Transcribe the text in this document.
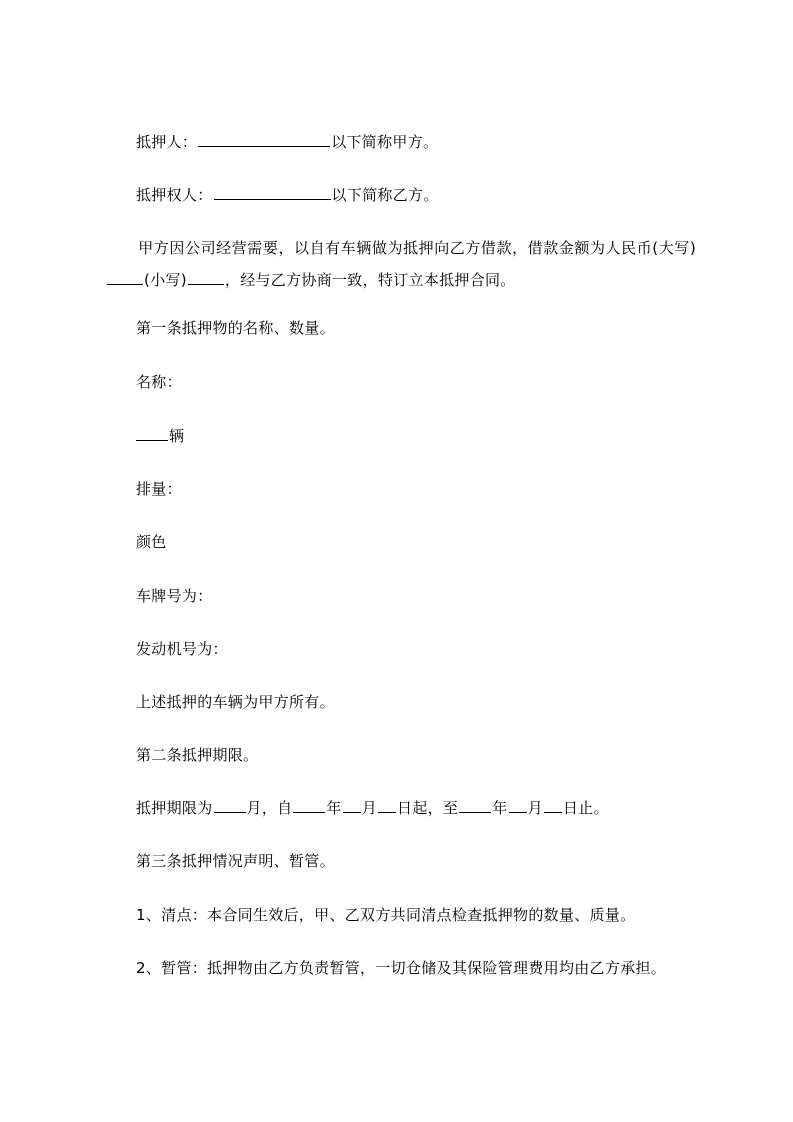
抵押人：	以下简称甲方。
抵押权人：	以下简称乙方。
甲方因公司经营需要，以自有车辆做为抵押向乙方借款，借款金额为人民币(大写)(小写)	，经与乙方协商一致，特订立本抵押合同。
第一条抵押物的名称、数量。
名称：
辆
排量：
颜色
车牌号为：
发动机号为：
上述抵押的车辆为甲方所有。
第二条抵押期限。
抵押期限为 月，自 年 月 日起，至 年 月 日止。
第三条抵押情况声明、暂管。
1、清点：本合同生效后，甲、乙双方共同清点检查抵押物的数量、质量。
2、暂管：抵押物由乙方负责暂管，一切仓储及其保险管理费用均由乙方承担。
